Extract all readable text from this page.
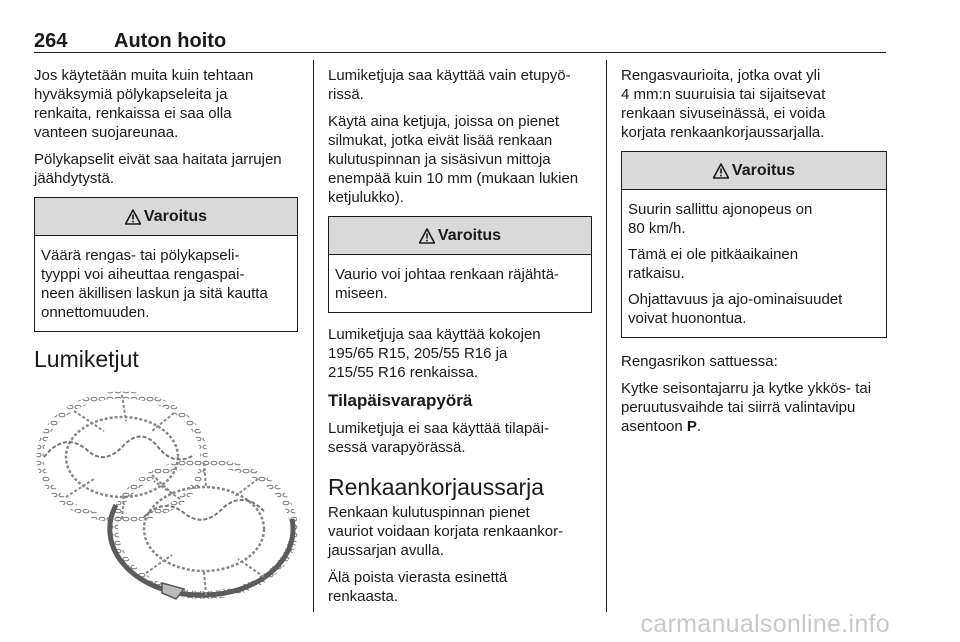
264 Auton hoito

Jos käytetään muita kuin tehtaan
hyväksymiä pölykapseleita ja
renkaita, renkaissa ei saa olla
vanteen suojareunaa.

Pölykapselit eivät saa haitata jarrujen
jäähdytystä.

Varoitus

Väärä rengas- tai pölykapseli-
tyyppi voi aiheuttaa rengaspai-
neen äkillisen laskun ja sitä kautta
onnettomuuden.

Lumiketjut

Lumiketjuja saa käyttää vain etupyö-
rissä.

Käytä aina ketjuja, joissa on pienet
silmukat, jotka eivät lisää renkaan
kulutuspinnan ja sisäsivun mittoja
enempää kuin 10 mm (mukaan lukien
ketjulukko).

Varoitus

Vaurio voi johtaa renkaan räjähtä-
miseen.

Lumiketjuja saa käyttää kokojen
195/65 R15, 205/55 R16 ja
215/55 R16 renkaissa.

Tilapäisvarapyörä

Lumiketjuja ei saa käyttää tilapäi-
sessä varapyörässä.

Renkaankorjaussarja

Renkaan kulutuspinnan pienet
vauriot voidaan korjata renkaankor-
jaussarjan avulla.

Älä poista vierasta esinettä
renkaasta.

Rengasvaurioita, jotka ovat yli
4 mm:n suuruisia tai sijaitsevat
renkaan sivuseinässä, ei voida
korjata renkaankorjaussarjalla.

Varoitus

Suurin sallittu ajonopeus on
80 km/h.

Tämä ei ole pitkäaikainen
ratkaisu.

Ohjattavuus ja ajo-ominaisuudet
voivat huonontua.

Rengasrikon sattuessa:

Kytke seisontajarru ja kytke ykkös- tai
peruutusvaihde tai siirrä valintavipu
asentoon P.

carmanualsonline.info
